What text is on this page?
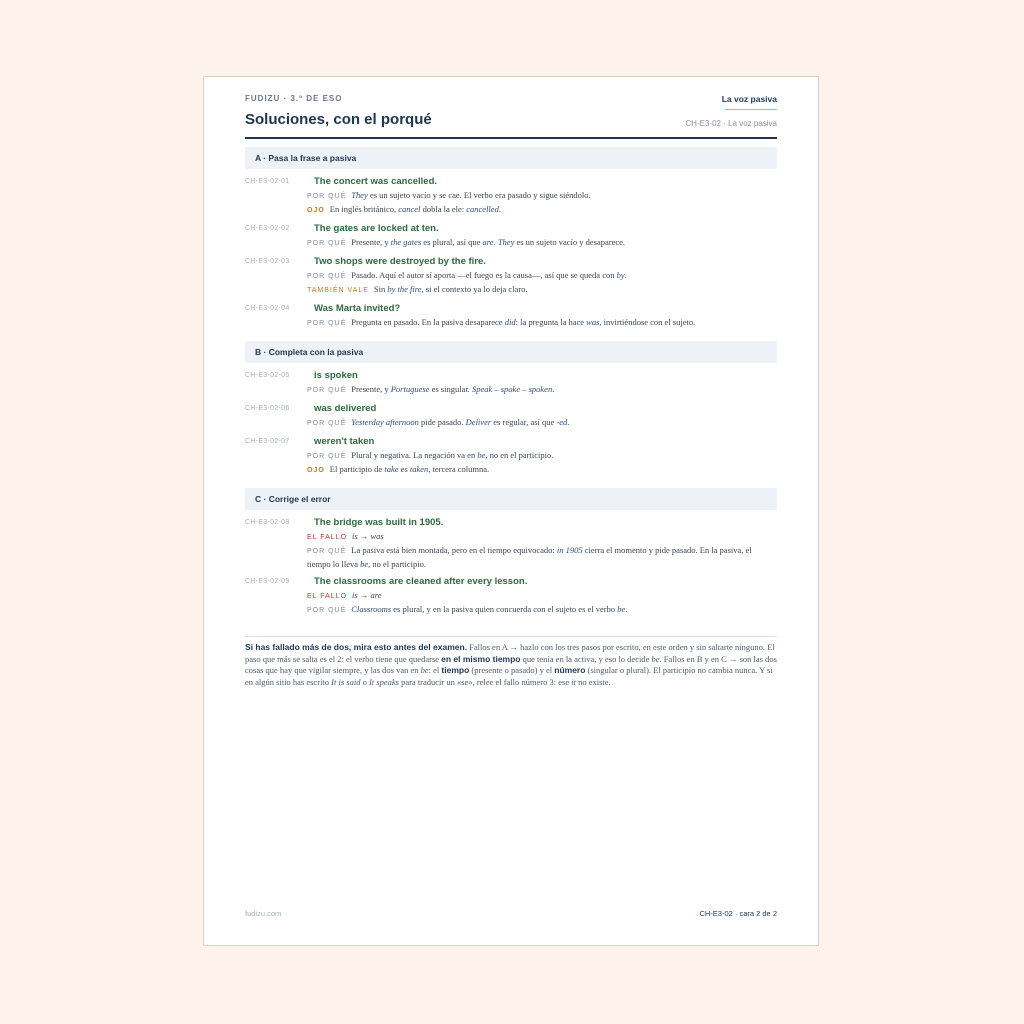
FUDIZU · 3.º DE ESO	La voz pasiva
Soluciones, con el porqué	CH-E3-02 · La voz pasiva
A · Pasa la frase a pasiva
CH-E3-02-01	The concert was cancelled.
POR QUÉ They es un sujeto vacío y se cae. El verbo era pasado y sigue siéndolo.
OJO En inglés británico, cancel dobla la ele: cancelled.
CH-E3-02-02	The gates are locked at ten.
POR QUÉ Presente, y the gates es plural, así que are. They es un sujeto vacío y desaparece.
CH-E3-02-03	Two shops were destroyed by the fire.
POR QUÉ Pasado. Aquí el autor sí aporta —el fuego es la causa—, así que se queda con by.
TAMBIÉN VALE Sin by the fire, si el contexto ya lo deja claro.
CH-E3-02-04	Was Marta invited?
POR QUÉ Pregunta en pasado. En la pasiva desaparece did: la pregunta la hace was, invirtiéndose con el sujeto.
B · Completa con la pasiva
CH-E3-02-05	is spoken
POR QUÉ Presente, y Portuguese es singular. Speak – spoke – spoken.
CH-E3-02-06	was delivered
POR QUÉ Yesterday afternoon pide pasado. Deliver es regular, así que -ed.
CH-E3-02-07	weren't taken
POR QUÉ Plural y negativa. La negación va en be, no en el participio.
OJO El participio de take es taken, tercera columna.
C · Corrige el error
CH-E3-02-08	The bridge was built in 1905.
EL FALLO is → was
POR QUÉ La pasiva está bien montada, pero en el tiempo equivocado: in 1905 cierra el momento y pide pasado. En la pasiva, el tiempo lo lleva be, no el participio.
CH-E3-02-09	The classrooms are cleaned after every lesson.
EL FALLO is → are
POR QUÉ Classrooms es plural, y en la pasiva quien concuerda con el sujeto es el verbo be.
Si has fallado más de dos, mira esto antes del examen. Fallos en A → hazlo con los tres pasos por escrito, en este orden y sin saltarte ninguno. El paso que más se salta es el 2: el verbo tiene que quedarse en el mismo tiempo que tenía en la activa, y eso lo decide be. Fallos en B y en C → son las dos cosas que hay que vigilar siempre, y las dos van en be: el tiempo (presente o pasado) y el número (singular o plural). El participio no cambia nunca. Y si en algún sitio has escrito It is said o It speaks para traducir un «se», relee el fallo número 3: ese it no existe.
fudizu.com	CH-E3-02 · cara 2 de 2
